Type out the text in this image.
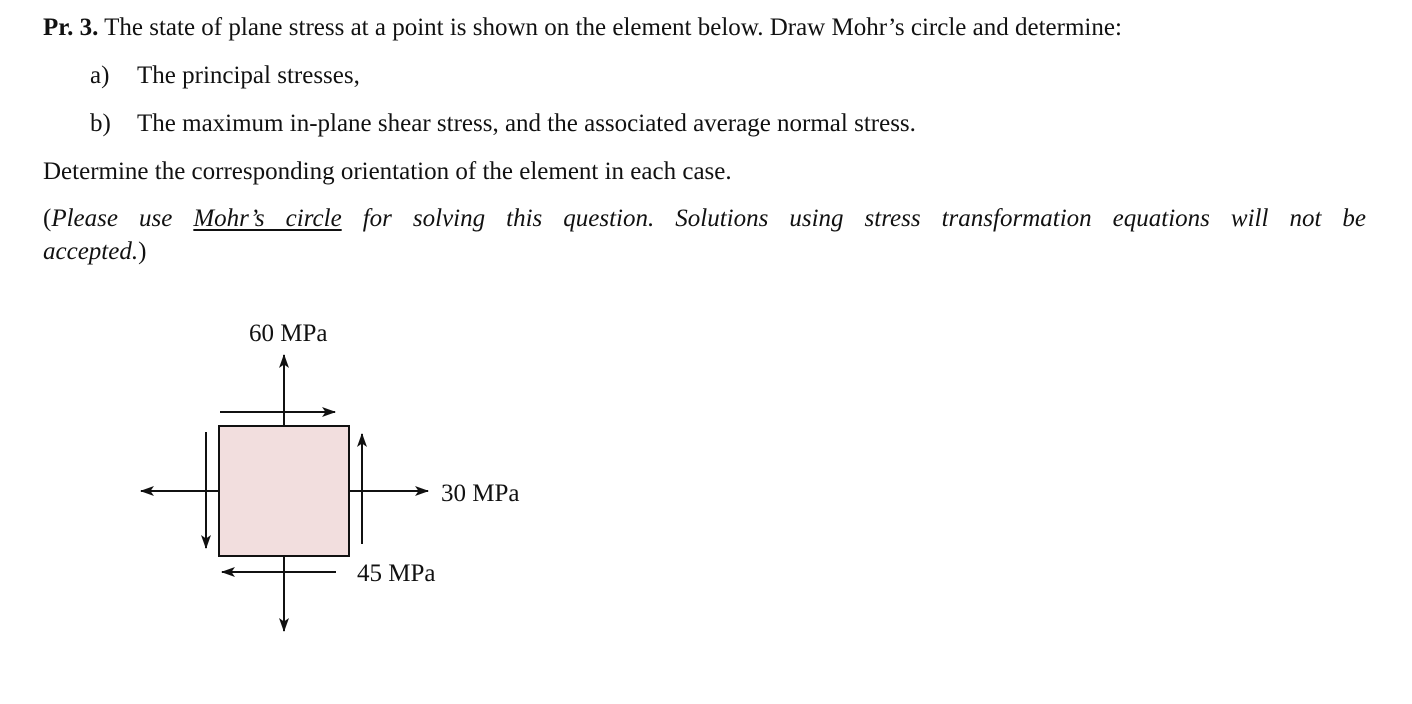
Pr. 3. The state of plane stress at a point is shown on the element below. Draw Mohr’s circle and determine:
a) The principal stresses,
b) The maximum in-plane shear stress, and the associated average normal stress.
Determine the corresponding orientation of the element in each case.
(Please use Mohr’s circle for solving this question. Solutions using stress transformation equations will not be
accepted.)
60 MPa
30 MPa
45 MPa
